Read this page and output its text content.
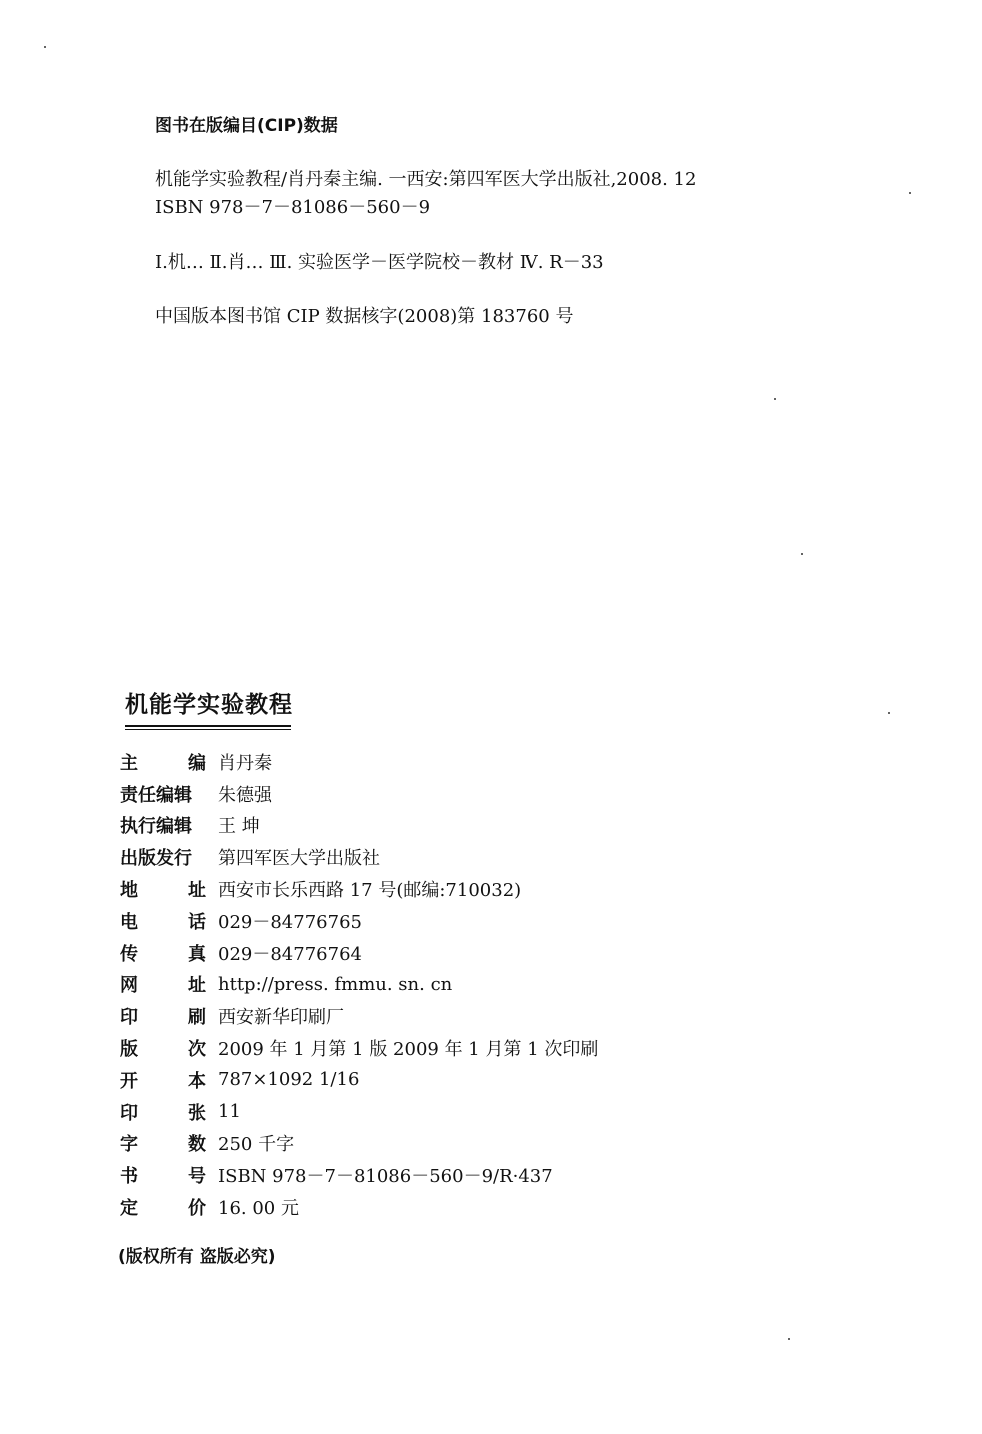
图书在版编目(CIP)数据
机能学实验教程/肖丹秦主编. 一西安:第四军医大学出版社,2008. 12
ISBN 978－7－81086－560－9
Ⅰ.机… Ⅱ.肖… Ⅲ. 实验医学－医学院校－教材 Ⅳ. R－33
中国版本图书馆 CIP 数据核字(2008)第 183760 号
机能学实验教程
主	编 肖丹秦
责任编辑	朱德强
执行编辑	王 坤
出版发行	第四军医大学出版社
地	址 西安市长乐西路 17 号(邮编:710032)
电	话 029－84776765
传	真 029－84776764
网	址 http://press. fmmu. sn. cn
印	刷 西安新华印刷厂
版	次 2009 年 1 月第 1 版 2009 年 1 月第 1 次印刷
开	本 787×1092 1/16
印	张 11
字	数 250 千字
书	号 ISBN 978－7－81086－560－9/R·437
定	价 16. 00 元
(版权所有 盗版必究)
